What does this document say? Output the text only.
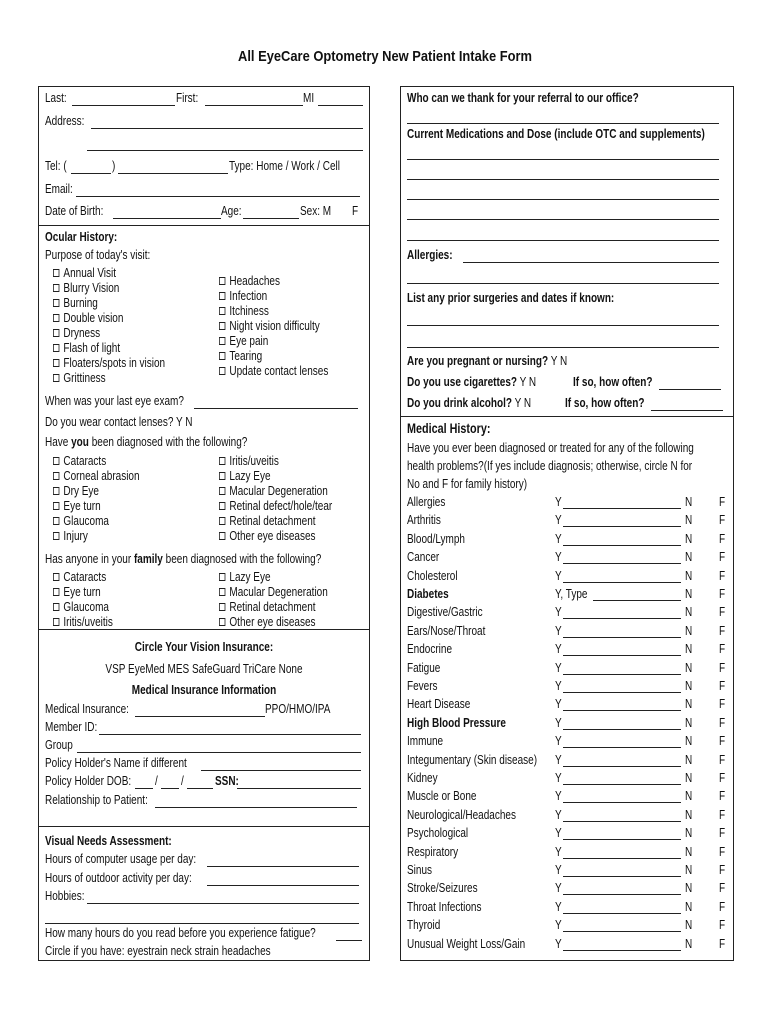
All EyeCare Optometry New Patient Intake Form
Last:	First:	MI
Address:
Tel: (	)	Type: Home / Work / Cell
Email:
Date of Birth:	Age:	Sex: M F
Ocular History:
Purpose of today's visit:
Annual Visit
Blurry Vision
Burning
Double vision
Dryness
Flash of light
Floaters/spots in vision
Grittiness
Headaches
Infection
Itchiness
Night vision difficulty
Eye pain
Tearing
Update contact lenses
When was your last eye exam?
Do you wear contact lenses? Y N
Have you been diagnosed with the following?
Cataracts
Corneal abrasion
Dry Eye
Eye turn
Glaucoma
Injury
Iritis/uveitis
Lazy Eye
Macular Degeneration
Retinal defect/hole/tear
Retinal detachment
Other eye diseases
Has anyone in your family been diagnosed with the following?
Cataracts
Eye turn
Glaucoma
Iritis/uveitis
Lazy Eye
Macular Degeneration
Retinal detachment
Other eye diseases
Circle Your Vision Insurance:
VSP EyeMed MES SafeGuard TriCare None
Medical Insurance Information
Medical Insurance:	PPO/HMO/IPA
Member ID:
Group
Policy Holder's Name if different
Policy Holder DOB: / / SSN:
Relationship to Patient:
Visual Needs Assessment:
Hours of computer usage per day:
Hours of outdoor activity per day:
Hobbies:
How many hours do you read before you experience fatigue?
Circle if you have: eyestrain neck strain headaches
Who can we thank for your referral to our office?
Current Medications and Dose (include OTC and supplements)
Allergies:
List any prior surgeries and dates if known:
Are you pregnant or nursing? Y N
Do you use cigarettes? Y N	If so, how often?
Do you drink alcohol? Y N	If so, how often?
Medical History:
Have you ever been diagnosed or treated for any of the following
health problems?(If yes include diagnosis; otherwise, circle N for
No and F for family history)
Allergies	Y	N F
Arthritis	Y	N F
Blood/Lymph	Y	N F
Cancer	Y	N F
Cholesterol	Y	N F
Diabetes	Y, Type	N F
Digestive/Gastric	Y	N F
Ears/Nose/Throat	Y	N F
Endocrine	Y	N F
Fatigue	Y	N F
Fevers	Y	N F
Heart Disease	Y	N F
High Blood Pressure	Y	N F
Immune	Y	N F
Integumentary (Skin disease) Y	N F
Kidney	Y	N F
Muscle or Bone	Y	N F
Neurological/Headaches	Y	N F
Psychological	Y	N F
Respiratory	Y	N F
Sinus	Y	N F
Stroke/Seizures	Y	N F
Throat Infections	Y	N F
Thyroid	Y	N F
Unusual Weight Loss/Gain Y	N F
